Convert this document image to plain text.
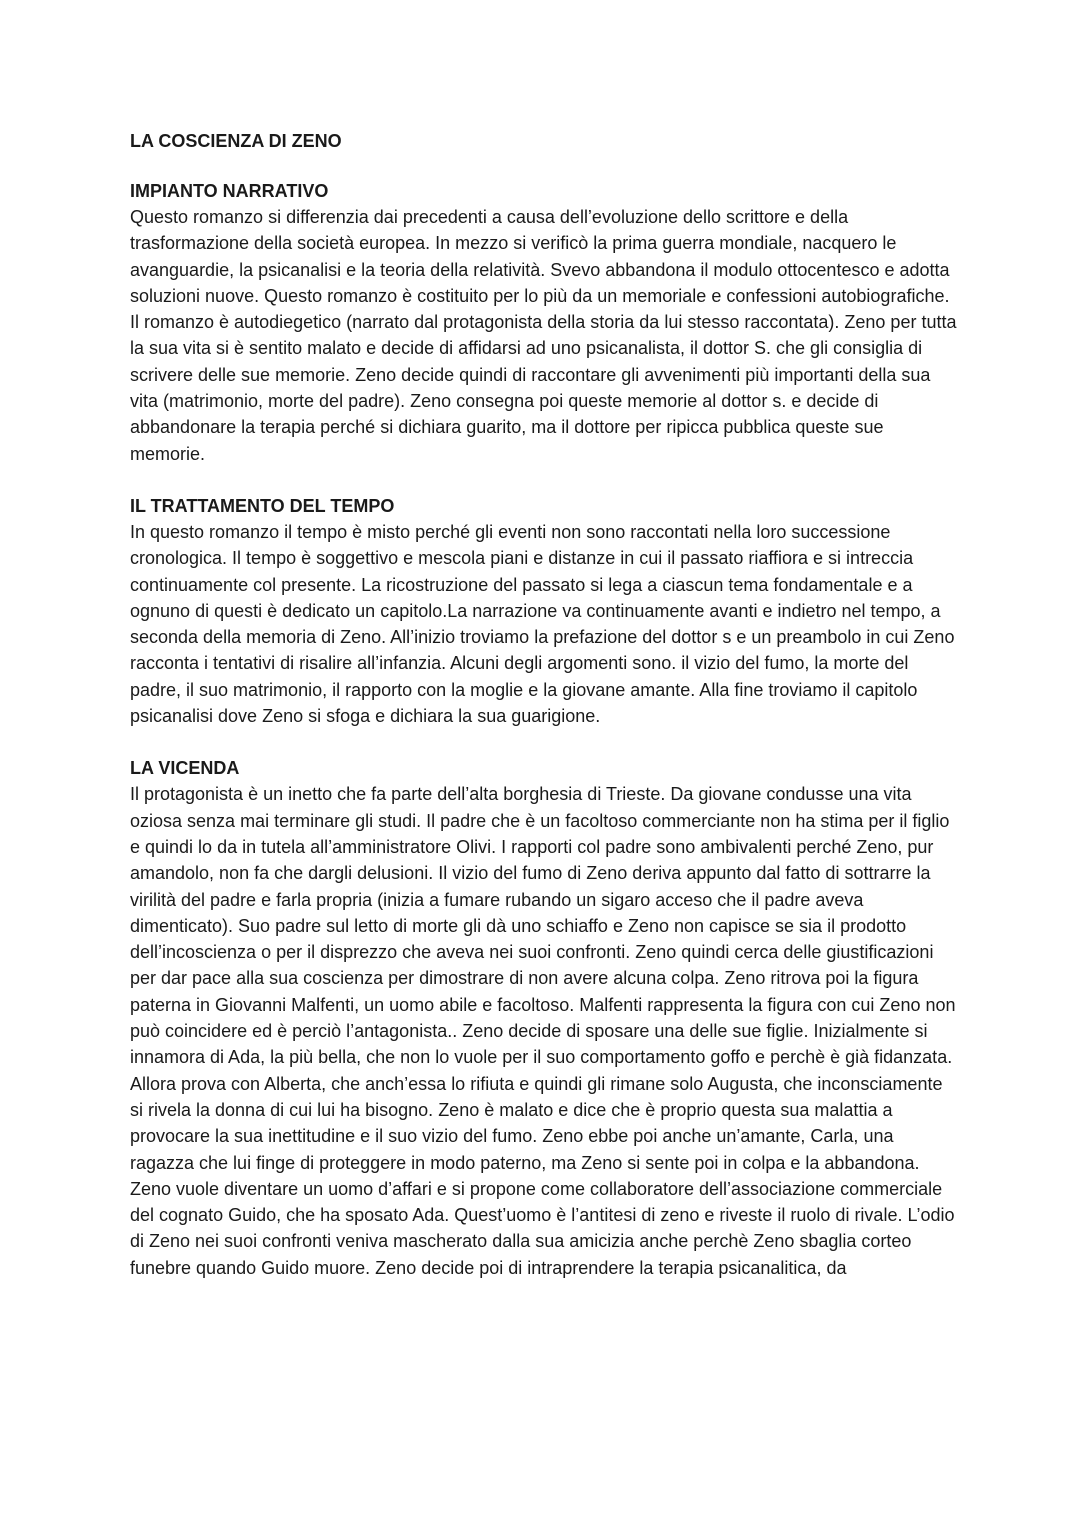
LA COSCIENZA DI ZENO
IMPIANTO NARRATIVO

Questo romanzo si differenzia dai precedenti a causa dell’evoluzione dello scrittore e della trasformazione della società europea. In mezzo si verificò la prima guerra mondiale, nacquero le avanguardie, la psicanalisi e la teoria della relatività. Svevo abbandona il modulo ottocentesco e adotta soluzioni nuove. Questo romanzo è costituito per lo più da un memoriale e confessioni autobiografiche. Il romanzo è autodiegetico (narrato dal protagonista della storia da lui stesso raccontata). Zeno per tutta la sua vita si è sentito malato e decide di affidarsi ad uno psicanalista, il dottor S. che gli consiglia di scrivere delle sue memorie. Zeno decide quindi di raccontare gli avvenimenti più importanti della sua vita (matrimonio, morte del padre). Zeno consegna poi queste memorie al dottor s. e decide di abbandonare la terapia perché si dichiara guarito, ma il dottore per ripicca pubblica queste sue memorie.

IL TRATTAMENTO DEL TEMPO

In questo romanzo il tempo è misto perché gli eventi non sono raccontati nella loro successione cronologica. Il tempo è soggettivo e mescola piani e distanze in cui il passato riaffiora e si intreccia continuamente col presente. La ricostruzione del passato si lega a ciascun tema fondamentale e a ognuno di questi è dedicato un capitolo.La narrazione va continuamente avanti e indietro nel tempo, a seconda della memoria di Zeno. All’inizio troviamo la prefazione del dottor s e un preambolo in cui Zeno racconta i tentativi di risalire all’infanzia. Alcuni degli argomenti sono. il vizio del fumo, la morte del padre, il suo matrimonio, il rapporto con la moglie e la giovane amante. Alla fine troviamo il capitolo psicanalisi dove Zeno si sfoga e dichiara la sua guarigione.

LA VICENDA

Il protagonista è un inetto che fa parte dell’alta borghesia di Trieste. Da giovane condusse una vita oziosa senza mai terminare gli studi. Il padre che è un facoltoso commerciante non ha stima per il figlio e quindi lo da in tutela all’amministratore Olivi. I rapporti col padre sono ambivalenti perché Zeno, pur amandolo, non fa che dargli delusioni. Il vizio del fumo di Zeno deriva appunto dal fatto di sottrarre la virilità del padre e farla propria (inizia a fumare rubando un sigaro acceso che il padre aveva dimenticato). Suo padre sul letto di morte gli dà uno schiaffo e Zeno non capisce se sia il prodotto dell’incoscienza o per il disprezzo che aveva nei suoi confronti. Zeno quindi cerca delle giustificazioni per dar pace alla sua coscienza per dimostrare di non avere alcuna colpa. Zeno ritrova poi la figura paterna in Giovanni Malfenti, un uomo abile e facoltoso. Malfenti rappresenta la figura con cui Zeno non può coincidere ed è perciò l’antagonista.. Zeno decide di sposare una delle sue figlie. Inizialmente si innamora di Ada, la più bella, che non lo vuole per il suo comportamento goffo e perchè è già fidanzata. Allora prova con Alberta, che anch’essa lo rifiuta e quindi gli rimane solo Augusta, che inconsciamente si rivela la donna di cui lui ha bisogno. Zeno è malato e dice che è proprio questa sua malattia a provocare la sua inettitudine e il suo vizio del fumo. Zeno ebbe poi anche un’amante, Carla, una ragazza che lui finge di proteggere in modo paterno, ma Zeno si sente poi in colpa e la abbandona. Zeno vuole diventare un uomo d’affari e si propone come collaboratore dell’associazione commerciale del cognato Guido, che ha sposato Ada. Quest’uomo è l’antitesi di zeno e riveste il ruolo di rivale. L’odio di Zeno nei suoi confronti veniva mascherato dalla sua amicizia anche perchè Zeno sbaglia corteo funebre quando Guido muore. Zeno decide poi di intraprendere la terapia psicanalitica, da
